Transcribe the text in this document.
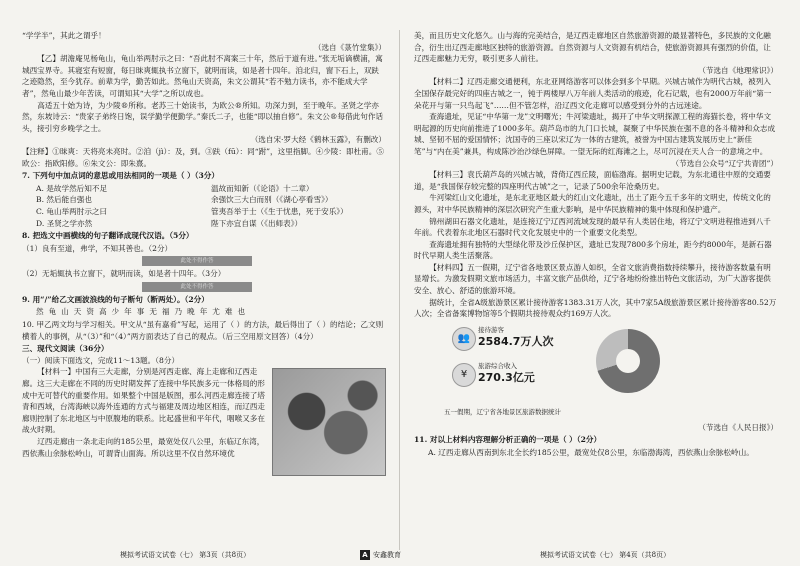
“学学半”，其此之谓乎！

（选自《菉竹堂集》）

【乙】胡澹庵见杨龟山，龟山举两肘示之曰：“吾此肘不离案三十年，然后于道有进。”张无垢谪横浦，寓城西宝界寺。其寝室有短窗，每日昧爽辄执书立窗下，就明而读，如是者十四年。洎北归，窗下石上，双趺之迹隐然，至今犹存。前辈为学，勤苦如此。然龟山天资高，朱文公谓其“若不勉力读书，亦不能成大学者”，然龟山最少年苦读，可谓知其“大学”之所以成也。

高适五十始为诗，为少陵®所称。老苏三十始读书，为欧公®所知。功深力到，至于晚年。圣贤之学亦然，东坡诗云：“贵家子弟终日饱，误学勤学便勤学。”秦氏二子，也能“即以抽自修”。朱文公®每借此句作话头，接引穷乡晚学之士。

（选自宋·罗大经《鹤林玉露》，有删改）

【注释】①昧爽：天将亮未亮时。②洎（jì）：及，到。③趺（fū）：同“跗”，这里指脚。④少陵：即杜甫。⑤欧公：指欧阳修。⑥朱文公：即朱熹。

7. 下列句中加点词的意思或用法相同的一项是（ ）（3分）

A. 是故学然后知不足	温故而知新（《论语》十二章）
B. 然后能自强也	余强饮三大白而别（《湖心亭看雪》）
C. 龟山举两肘示之曰	管夷吾举于士（《生于忧患，死于安乐》）
D. 圣贤之学亦然	陛下亦宜自谋（《出师表》）

8. 把选文中画横线的句子翻译成现代汉语。（5分）

（1）良有至道，弗学，不知其善也。（2分）

此处不得作答

（2）无垢辄执书立窗下，就明而读，如是者十四年。（3分）

此处不得作答

9. 用“/”给乙文画波浪线的句子断句（断两处）。（2分）

然龟山天资高少年事无福乃晚年尤难也

10. 甲乙两文均与学习相关。甲文从“虽有嘉肴”写起，运用了（ ）的方法，最后得出了（ ）的结论；乙文则横着人的事例，从“（3）”和“（4）”两方面表达了自己的观点。（后三空用原文回答）（4分）

三、现代文阅读（36分）

（一）阅读下面选文，完成11～13题。（8分）

【材料一】中国有三大走廊，分别是河西走廊、海上走廊和辽西走廊。这三大走廊在不同的历史时期发挥了连接中华民族多元一体格局的形成中无可替代的重要作用。如果整个中国是版图，那么河西走廊连接了塔青和西域，台湾海峡以海外连通的方式与福建及周边地区相连，而辽西走廊则控制了东北地区与中原腹地的联系。比起盛世和平年代，咽喉又多在战火时期。

辽西走廊由一条北走向的185公里，最宽处仅八公里，东临辽东湾，西依燕山余脉松岭山，可谓背山面海。所以这里不仅自然环境优

美，而且历史文化悠久。山与海的完美结合，是辽西走廊地区自然旅游资源的最显著特色，多民族的文化融合，衍生出辽西走廊地区独特的旅游资源。自然资源与人文资源有机结合，使旅游资源具有强烈的价值，让辽西走廊魅力无穷，吸引更多人前往。

（节选自《地理常识》）

【材料二】辽西走廊交通便利，东北亚网络游客可以体会到多个早期。兴城古城作为明代古城，被列入全国保存最完好的四座古城之一，钝于两楼厚八万年前人类活动的痕迹，化石记载，也有2000万年前“第一朵花开与第一只鸟起飞”……但不管怎样，沿辽西文化走廊可以感受到分外的古远迷途。

查海遗址，见证“中华第一龙”文明曙光；牛河梁遗址，揭开了中华文明探源工程的海猫长卷，将中华文明起源的历史向前推进了1000多年。葫芦岛市的九门口长城，凝聚了中华民族在强不息的各斗精神和众志成城、坚韧不屈的爱国情怀；沈国寺的三座以宋辽为一体的古建筑，被誉为中国古建筑发展历史上“新佳笔”与“内在美”兼具，构成陈沙治沙绿色屏障。一望无际的红海滩之上，尽可沉浸在天人合一的意境之中。

（节选自公众号“辽宁共青团”）

【材料三】袁氏葫芦岛的兴城古城，背倚辽西丘陵，面临渤海。据明史记载，为东北通往中原的交通要道，是“我国保存较完整的四座明代古城”之一，记录了500余年沧桑历史。

牛河梁红山文化遗址，是东北亚地区最大的红山文化遗址，出土了距今五千多年的文明史，传统文化的源头，对中华民族精神的深层次研究产生重大影响，是中华民族精神的集中体现和保护遗产。

锦州湖田石器文化遗址，是连接辽宁辽西河流域发现的最早有人类居住地，将辽宁文明进程推进到八千年前。代表着东北地区石器时代文化发展史中的一个重要文化类型。

查海遗址拥有独特的大型绿化带及沙丘保护区，遗址已发现7800多个房址，距今约8000年，是新石器时代早期人类生活聚落。

【材料四】五一假期，辽宁省各地景区景点游人如织，全省文旅消费指数持续攀升，接待游客数量有明显增长。为激发假期文旅市场活力，丰富文旅产品供给，辽宁各地纷纷推出特色文旅活动，为广大游客提供安全、放心、舒适的旅游环境。

据统计，全省A级旅游景区累计接待游客1383.31万人次，其中7家5A级旅游景区累计接待游客80.52万人次；全省备案博物馆等5个假期共接待观众约169万人次。

👥
接待游客
2584.7万人次
¥
旅游综合收入
270.3亿元
五一假期，辽宁省各地景区旅游数据统计

（节选自《人民日报》）

11. 对以上材料内容理解分析正确的一项是（ ）（2分）

A. 辽西走廊从西南到东北全长约185公里，最宽处仅8公里，东临渤海湾，西依燕山余脉松岭山。

模拟考试语文试卷（七） 第3页（共8页）	A 安鑫教育	模拟考试语文试卷（七） 第4页（共8页）
